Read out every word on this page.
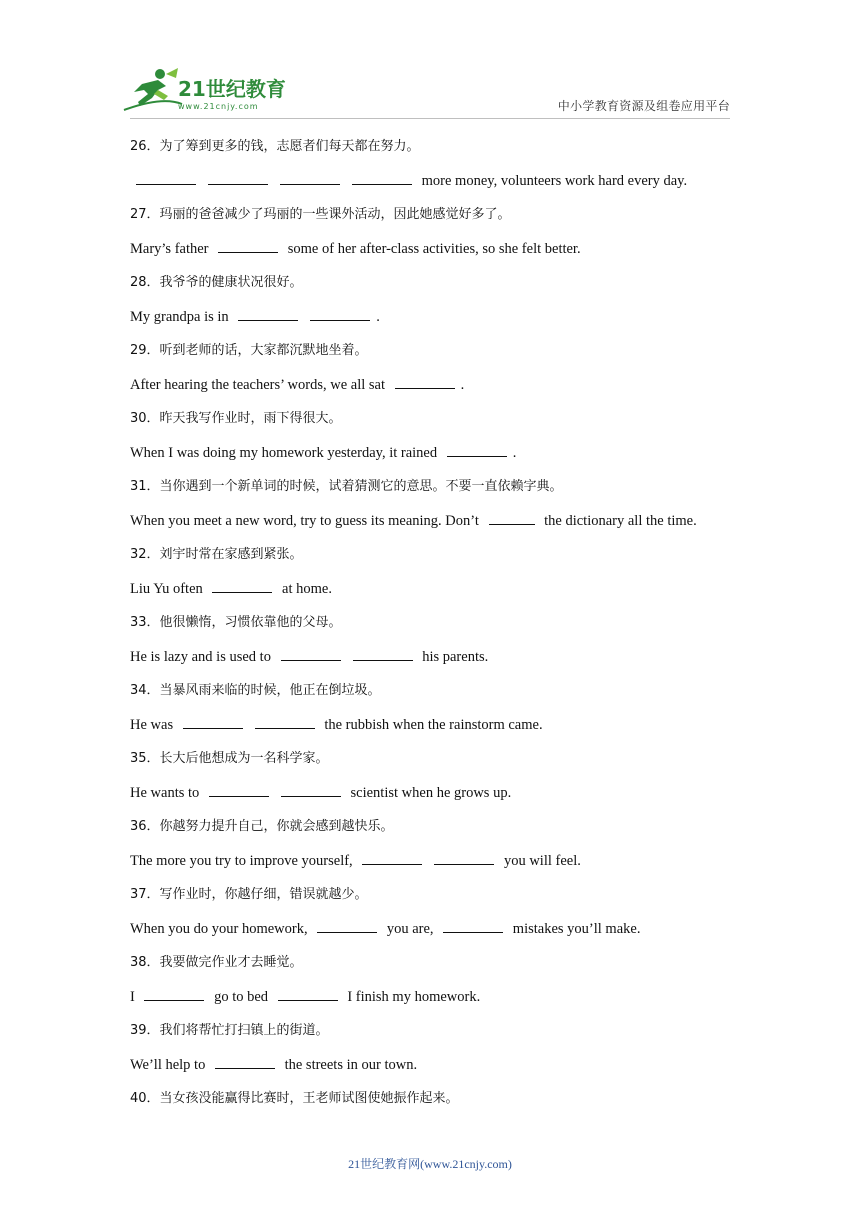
21世纪教育
www.21cnjy.com	中小学教育资源及组卷应用平台
26．为了筹到更多的钱，志愿者们每天都在努力。
more money, volunteers work hard every day.
27．玛丽的爸爸减少了玛丽的一些课外活动，因此她感觉好多了。
Mary’s father	some of her after-class activities, so she felt better.
28．我爷爷的健康状况很好。
My grandpa is in	.
29．听到老师的话，大家都沉默地坐着。
After hearing the teachers’ words, we all sat	.
30．昨天我写作业时，雨下得很大。
When I was doing my homework yesterday, it rained	.
31．当你遇到一个新单词的时候，试着猜测它的意思。不要一直依赖字典。
When you meet a new word, try to guess its meaning. Don’t	the dictionary all the time.
32．刘宇时常在家感到紧张。
Liu Yu often	at home.
33．他很懒惰，习惯依靠他的父母。
He is lazy and is used to	his parents.
34．当暴风雨来临的时候，他正在倒垃圾。
He was	the rubbish when the rainstorm came.
35．长大后他想成为一名科学家。
He wants to	scientist when he grows up.
36．你越努力提升自己，你就会感到越快乐。
The more you try to improve yourself,	you will feel.
37．写作业时，你越仔细，错误就越少。
When you do your homework,	you are,	mistakes you’ll make.
38．我要做完作业才去睡觉。
I	go to bed	I finish my homework.
39．我们将帮忙打扫镇上的街道。
We’ll help to	the streets in our town.
40．当女孩没能赢得比赛时，王老师试图使她振作起来。
21世纪教育网(www.21cnjy.com)
